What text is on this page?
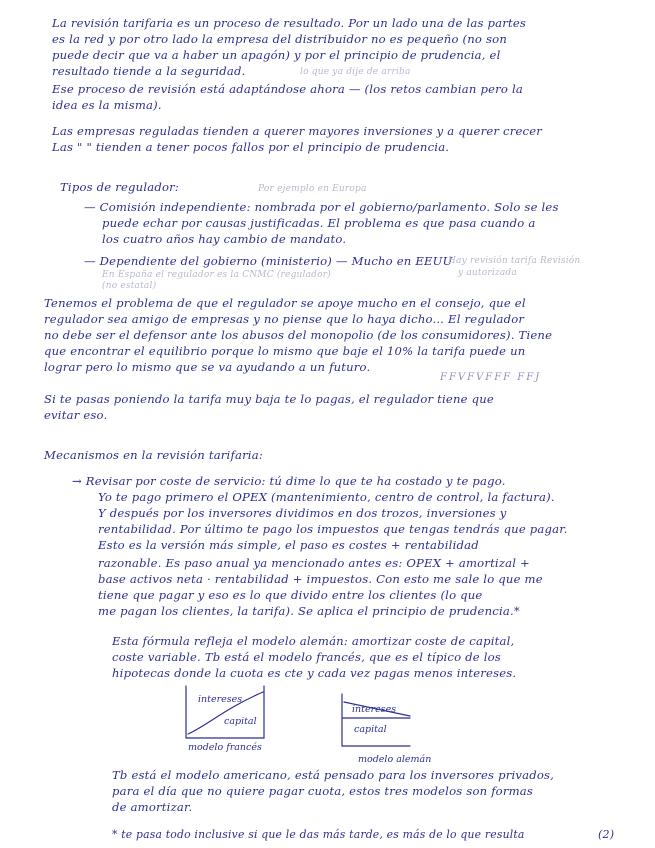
La revisión tarifaria es un proceso de resultado. Por un lado una de las partes
es la red y por otro lado la empresa del distribuidor no es pequeño (no son
puede decir que va a haber un apagón) y por el principio de prudencia, el
resultado tiende a la seguridad.	lo que ya dije de arriba
Ese proceso de revisión está adaptándose ahora — (los retos cambian pero la
idea es la misma).
Las empresas reguladas tienden a querer mayores inversiones y a querer crecer
Las " " tienden a tener pocos fallos por el principio de prudencia.
Tipos de regulador:	Por ejemplo en Europa
— Comisión independiente: nombrada por el gobierno/parlamento. Solo se les
puede echar por causas justificadas. El problema es que pasa cuando a
los cuatro años hay cambio de mandato.
— Dependiente del gobierno (ministerio) — Mucho en EEUU
Hay revisión tarifa Revisión
En España el regulador es la CNMC (regulador)	y autorizada
(no estatal)
Tenemos el problema de que el regulador se apoye mucho en el consejo, que el
regulador sea amigo de empresas y no piense que lo haya dicho... El regulador
no debe ser el defensor ante los abusos del monopolio (de los consumidores). Tiene
que encontrar el equilibrio porque lo mismo que baje el 10% la tarifa puede un
lograr pero lo mismo que se va ayudando a un futuro.
FFVFVFFF FFJ
Si te pasas poniendo la tarifa muy baja te lo pagas, el regulador tiene que
evitar eso.
Mecanismos en la revisión tarifaria:
→ Revisar por coste de servicio: tú dime lo que te ha costado y te pago.
Yo te pago primero el OPEX (mantenimiento, centro de control, la factura).
Y después por los inversores dividimos en dos trozos, inversiones y
rentabilidad. Por último te pago los impuestos que tengas tendrás que pagar.
Esto es la versión más simple, el paso es costes + rentabilidad
razonable. Es paso anual ya mencionado antes es: OPEX + amortizal +
base activos neta · rentabilidad + impuestos. Con esto me sale lo que me
tiene que pagar y eso es lo que divido entre los clientes (lo que
me pagan los clientes, la tarifa). Se aplica el principio de prudencia.*
Esta fórmula refleja el modelo alemán: amortizar coste de capital,
coste variable. Tb está el modelo francés, que es el típico de los
hipotecas donde la cuota es cte y cada vez pagas menos intereses.
intereses
capital
modelo francés
intereses
capital
modelo alemán
Tb está el modelo americano, está pensado para los inversores privados,
para el día que no quiere pagar cuota, estos tres modelos son formas
de amortizar.
* te pasa todo inclusive si que le das más tarde, es más de lo que resulta	(2)
